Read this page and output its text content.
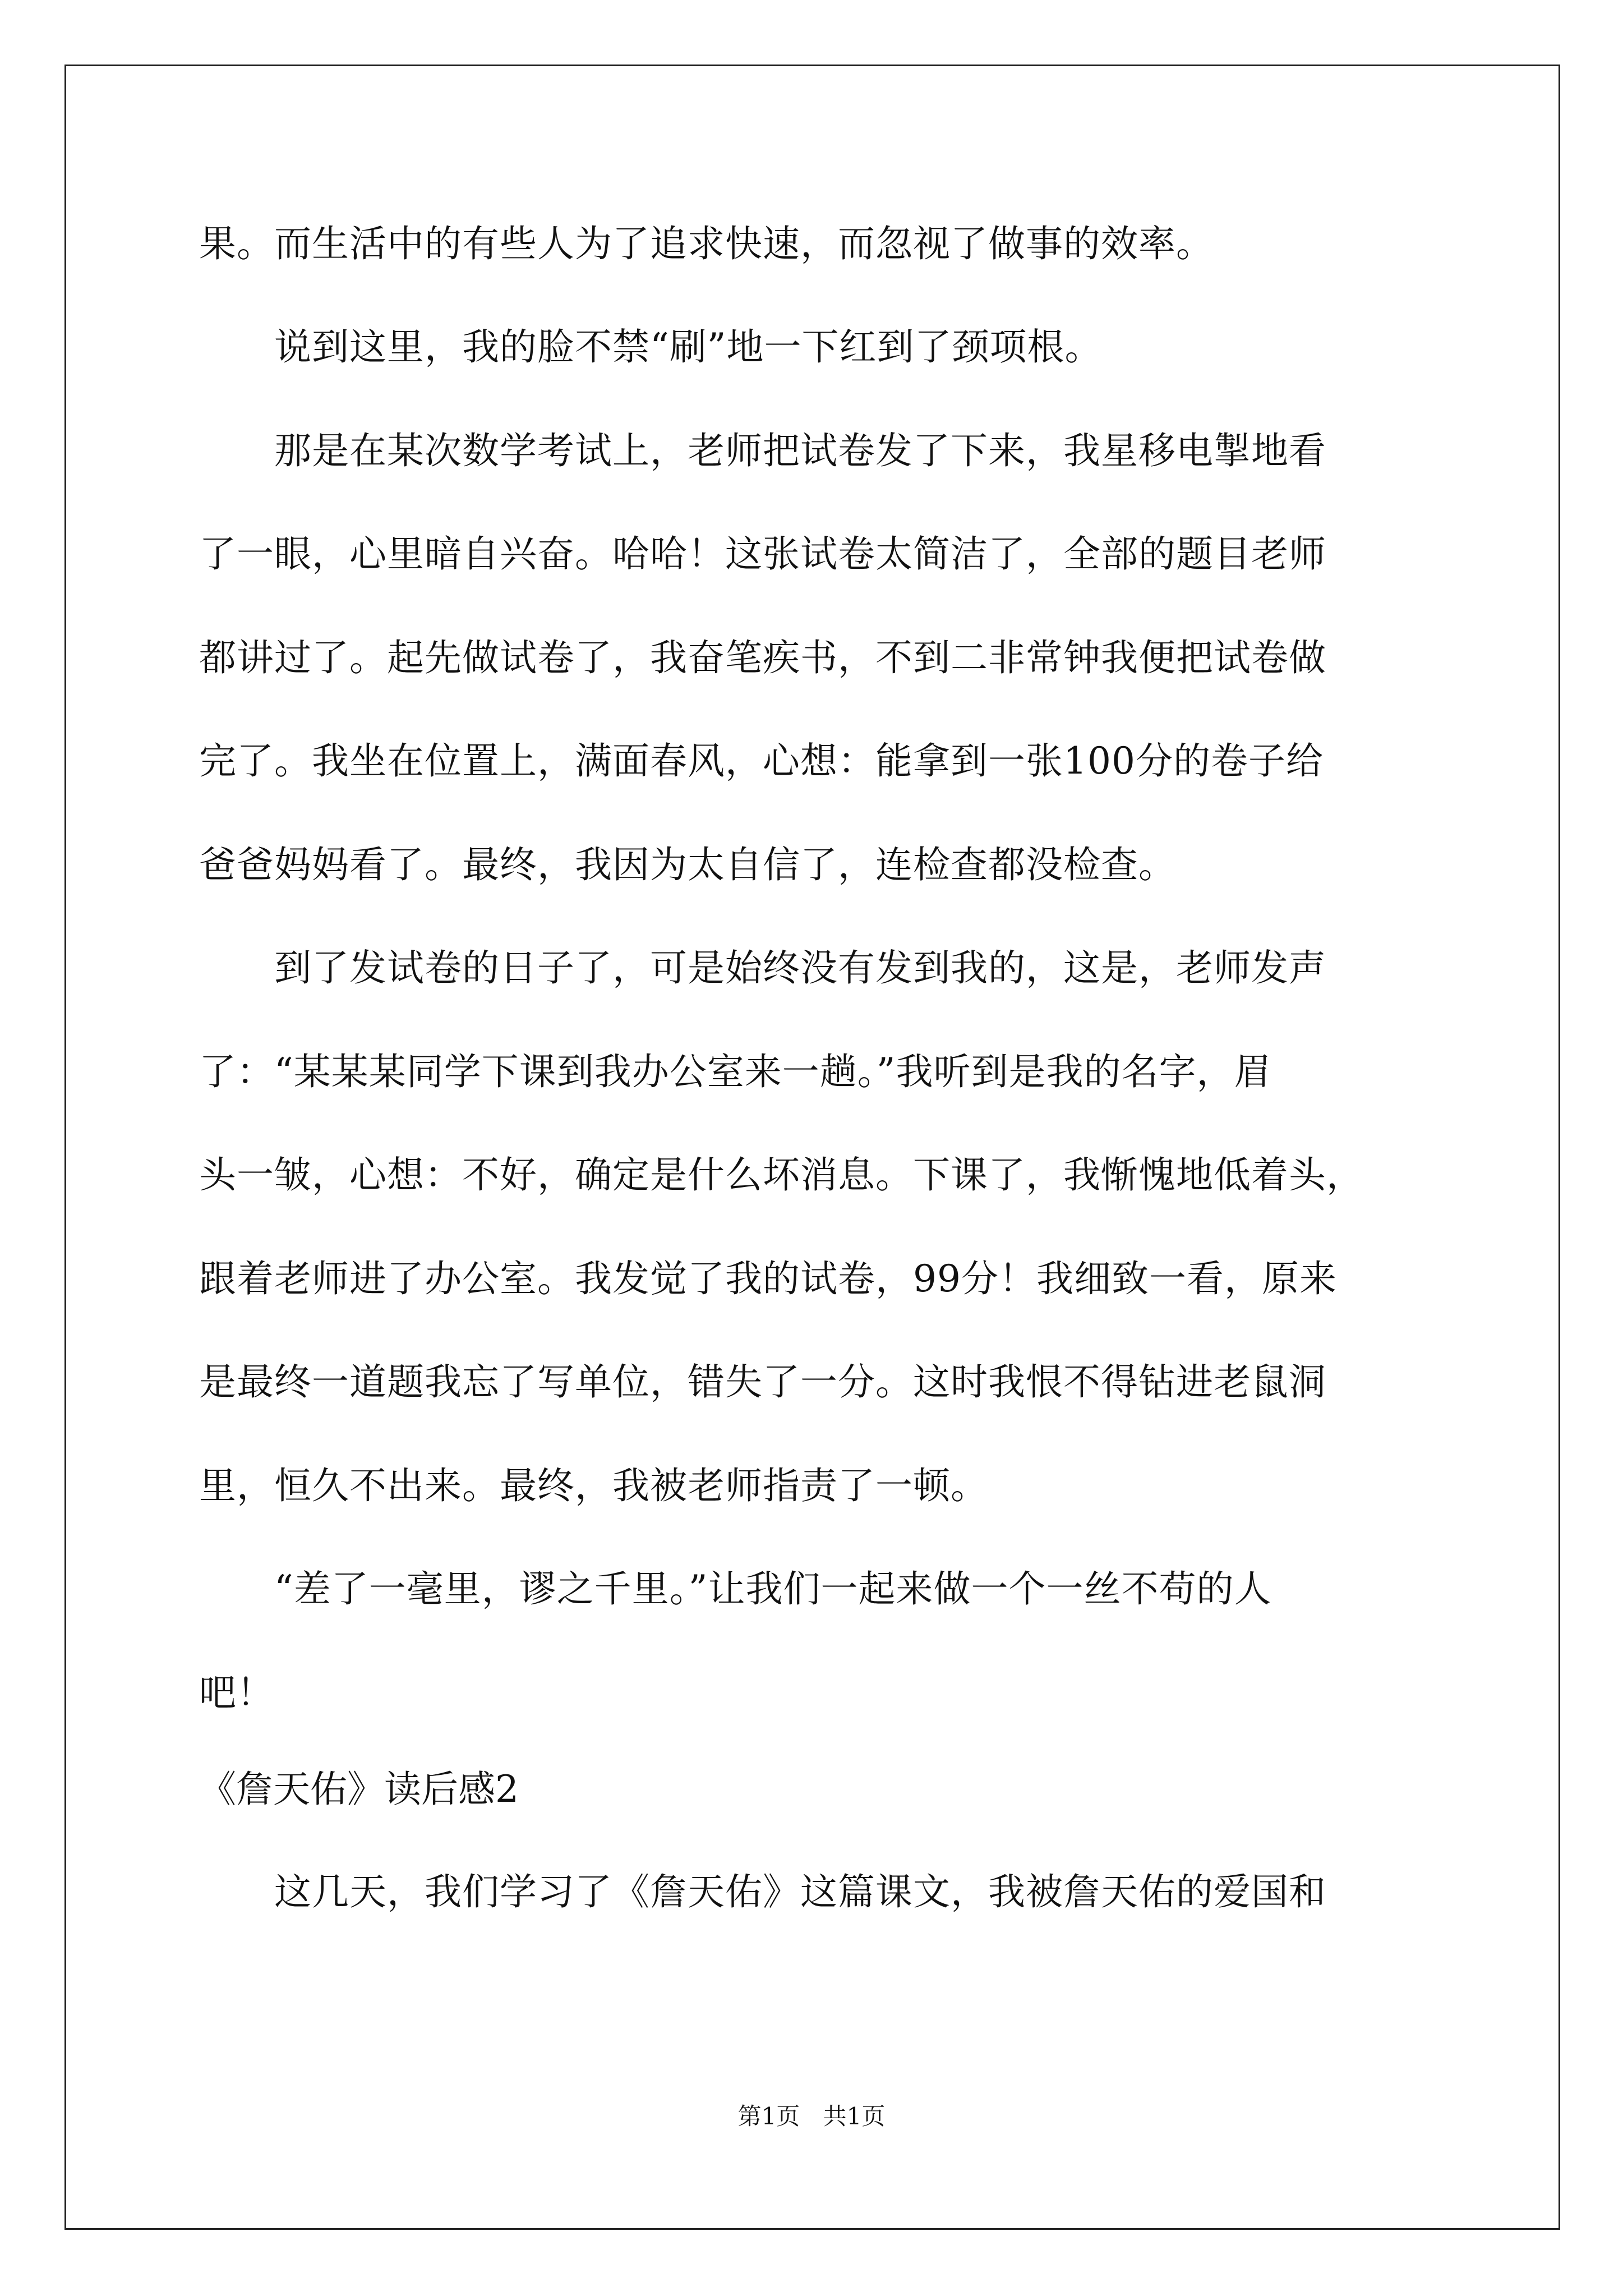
果。而生活中的有些人为了追求快速，而忽视了做事的效率。
　　说到这里，我的脸不禁“刷”地一下红到了颈项根。
　　那是在某次数学考试上，老师把试卷发了下来，我星移电掣地看
了一眼，心里暗自兴奋。哈哈！这张试卷太简洁了，全部的题目老师
都讲过了。起先做试卷了，我奋笔疾书，不到二非常钟我便把试卷做
完了。我坐在位置上，满面春风，心想：能拿到一张100分的卷子给
爸爸妈妈看了。最终，我因为太自信了，连检查都没检查。
　　到了发试卷的日子了，可是始终没有发到我的，这是，老师发声
了：“某某某同学下课到我办公室来一趟。”我听到是我的名字，眉
头一皱，心想：不好，确定是什么坏消息。下课了，我惭愧地低着头，
跟着老师进了办公室。我发觉了我的试卷，99分！我细致一看，原来
是最终一道题我忘了写单位，错失了一分。这时我恨不得钻进老鼠洞
里，恒久不出来。最终，我被老师指责了一顿。
　　“差了一毫里，谬之千里。”让我们一起来做一个一丝不苟的人
吧！
《詹天佑》读后感2
　　这几天，我们学习了《詹天佑》这篇课文，我被詹天佑的爱国和
第1页 共1页
